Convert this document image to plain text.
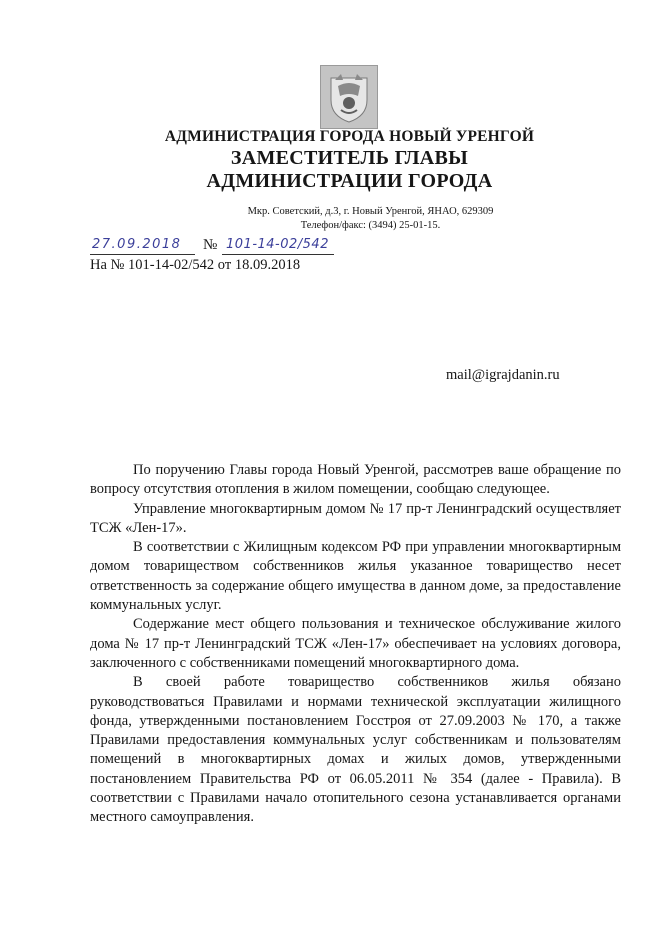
АДМИНИСТРАЦИЯ ГОРОДА НОВЫЙ УРЕНГОЙ
ЗАМЕСТИТЕЛЬ ГЛАВЫ
АДМИНИСТРАЦИИ ГОРОДА
Мкр. Советский, д.3, г. Новый Уренгой, ЯНАО, 629309
Телефон/факс: (3494) 25-01-15.
27.09.2018 № 101-14-02/542
На № 101-14-02/542 от 18.09.2018
mail@igrajdanin.ru

По поручению Главы города Новый Уренгой, рассмотрев ваше обращение по вопросу отсутствия отопления в жилом помещении, сообщаю следующее.

Управление многоквартирным домом № 17 пр-т Ленинградский осуществляет ТСЖ «Лен-17».

В соответствии с Жилищным кодексом РФ при управлении многоквартирным домом товариществом собственников жилья указанное товарищество несет ответственность за содержание общего имущества в данном доме, за предоставление коммунальных услуг.

Содержание мест общего пользования и техническое обслуживание жилого дома № 17 пр-т Ленинградский ТСЖ «Лен-17» обеспечивает на условиях договора, заключенного с собственниками помещений многоквартирного дома.

В своей работе товарищество собственников жилья обязано руководствоваться Правилами и нормами технической эксплуатации жилищного фонда, утвержденными постановлением Госстроя от 27.09.2003 № 170, а также Правилами предоставления коммунальных услуг собственникам и пользователям помещений в многоквартирных домах и жилых домов, утвержденными постановлением Правительства РФ от 06.05.2011 № 354 (далее - Правила). В соответствии с Правилами начало отопительного сезона устанавливается органами местного самоуправления.
